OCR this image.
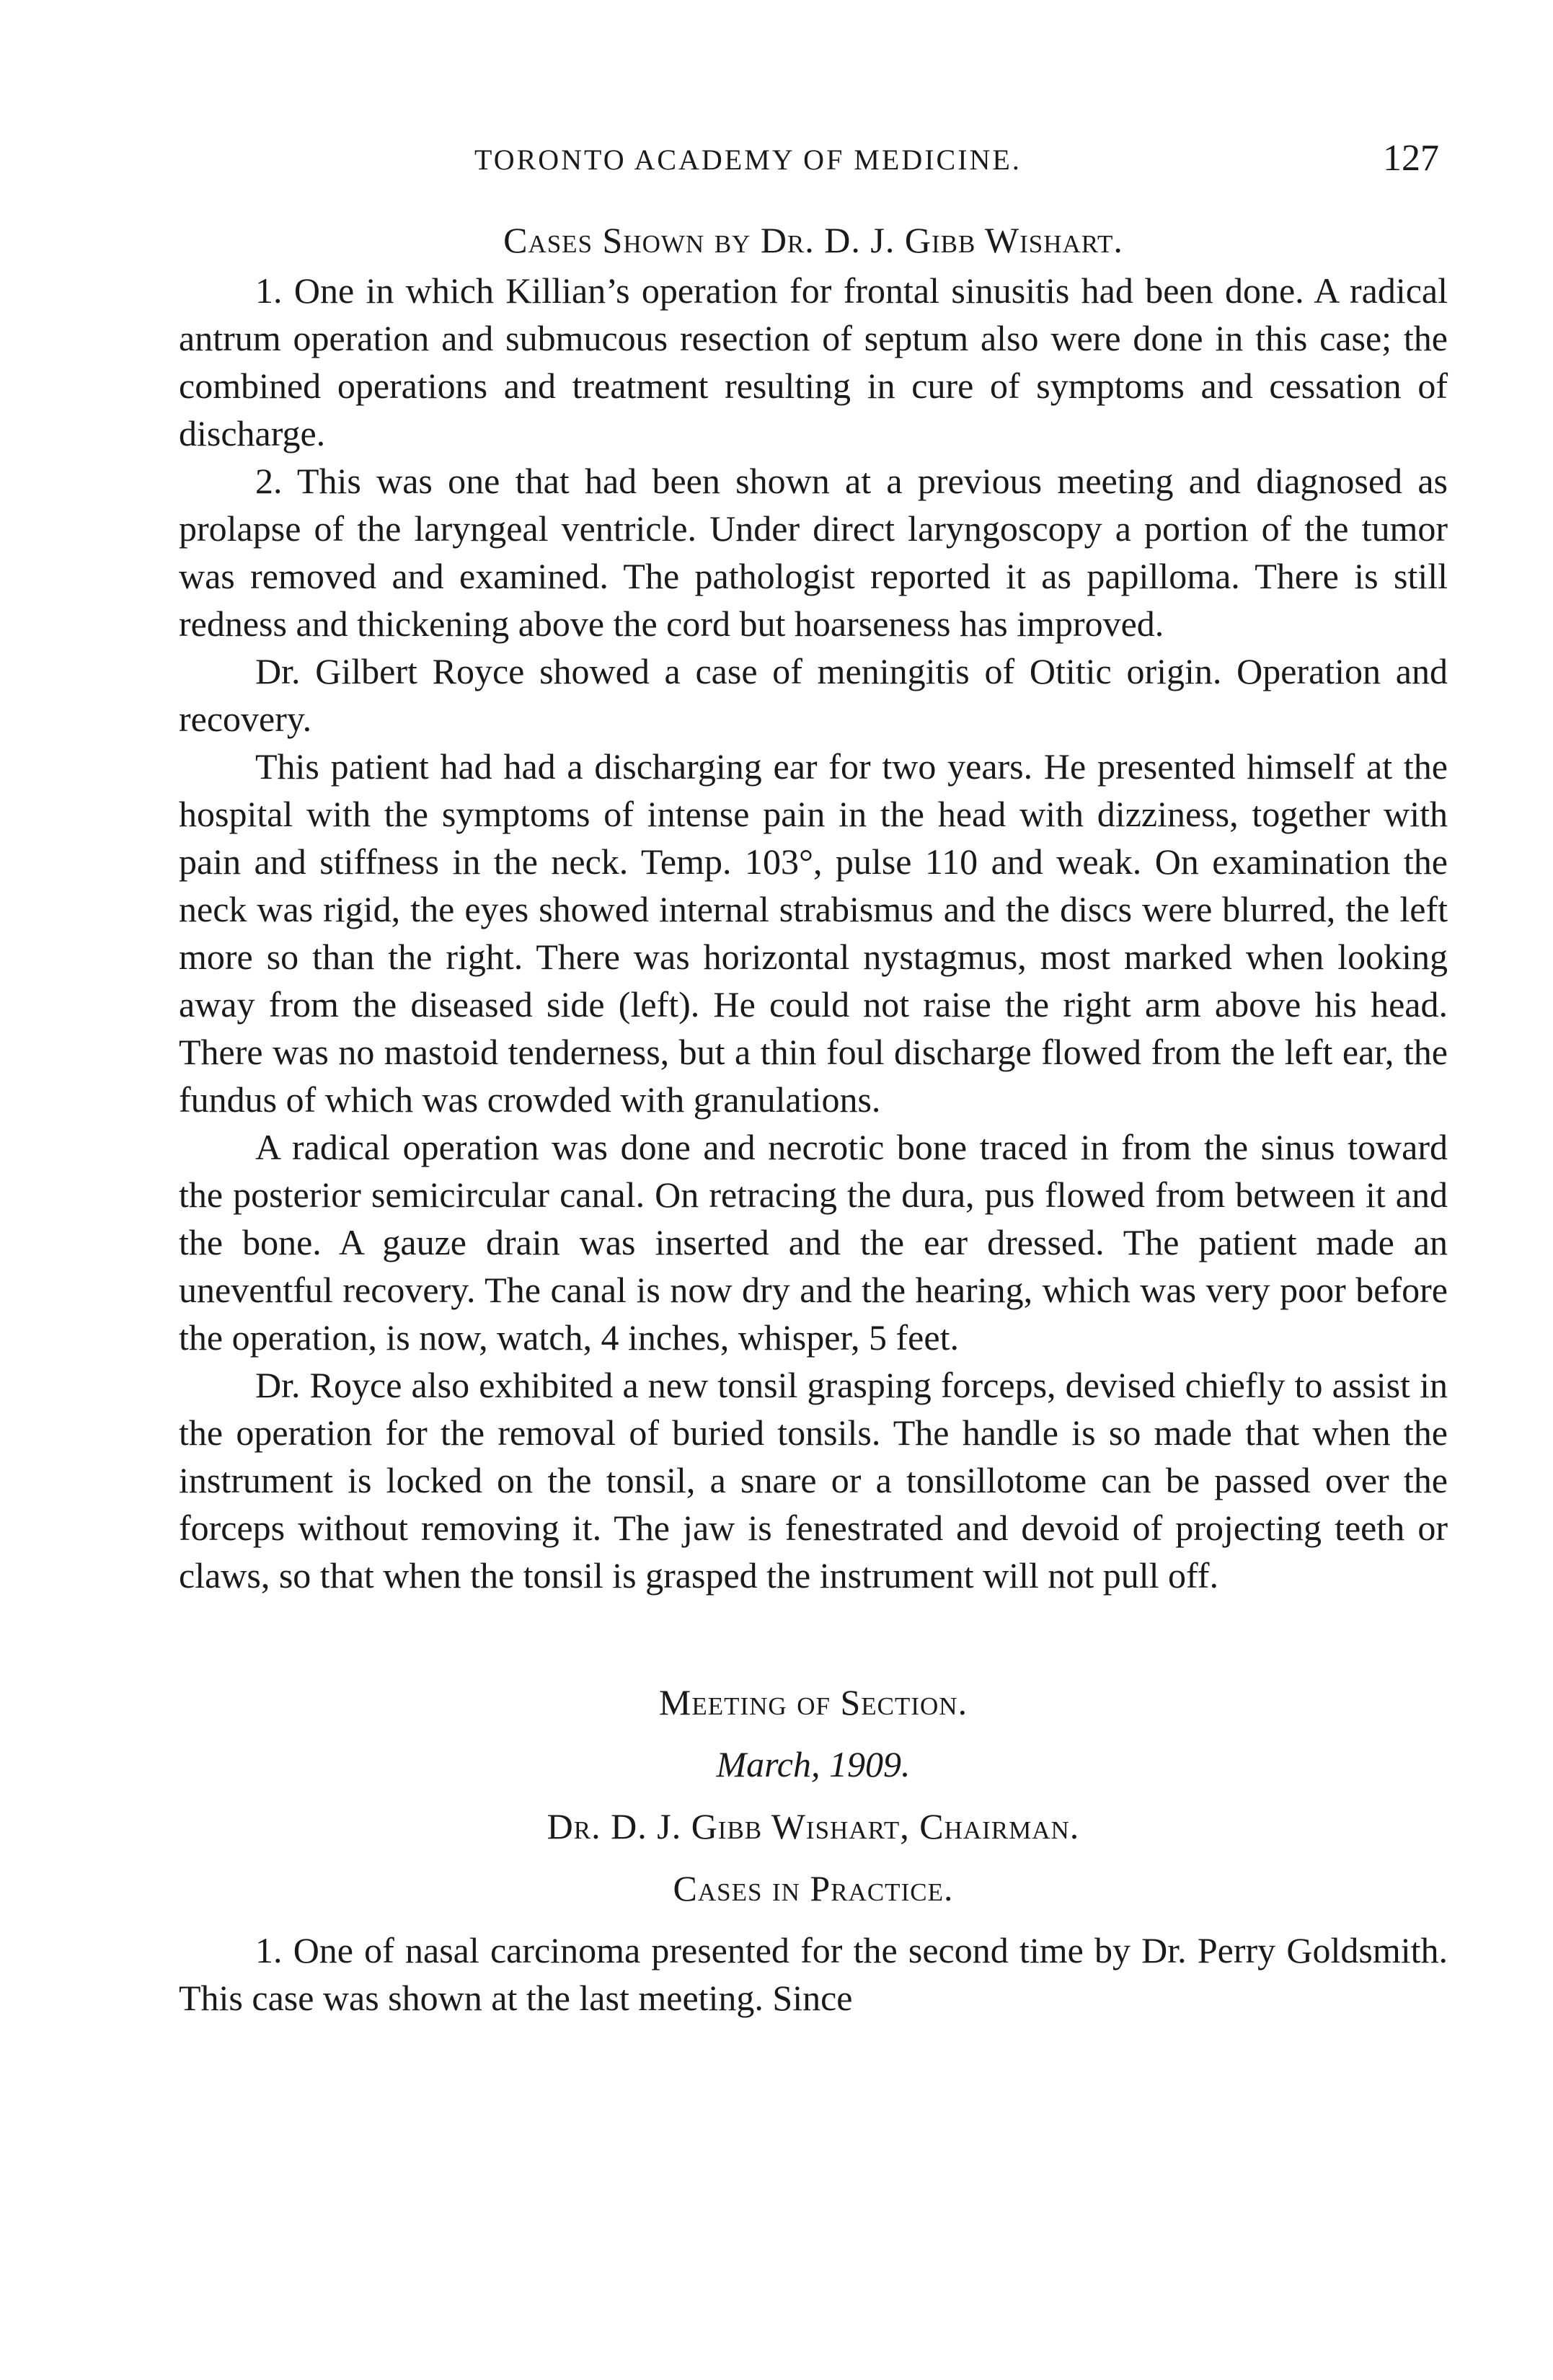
TORONTO ACADEMY OF MEDICINE.	127

Cases Shown by Dr. D. J. Gibb Wishart.

1. One in which Killian’s operation for frontal sinusitis had been done. A radical antrum operation and submucous resection of septum also were done in this case; the combined operations and treatment resulting in cure of symptoms and cessation of discharge.

2. This was one that had been shown at a previous meeting and diagnosed as prolapse of the laryngeal ventricle. Under direct laryngoscopy a portion of the tumor was removed and examined. The pathologist reported it as papilloma. There is still redness and thickening above the cord but hoarseness has improved.

Dr. Gilbert Royce showed a case of meningitis of Otitic origin. Operation and recovery.

This patient had had a discharging ear for two years. He presented himself at the hospital with the symptoms of intense pain in the head with dizziness, together with pain and stiffness in the neck. Temp. 103°, pulse 110 and weak. On examination the neck was rigid, the eyes showed internal strabismus and the discs were blurred, the left more so than the right. There was horizontal nystagmus, most marked when looking away from the diseased side (left). He could not raise the right arm above his head. There was no mastoid tenderness, but a thin foul discharge flowed from the left ear, the fundus of which was crowded with granulations.

A radical operation was done and necrotic bone traced in from the sinus toward the posterior semicircular canal. On retracing the dura, pus flowed from between it and the bone. A gauze drain was inserted and the ear dressed. The patient made an uneventful recovery. The canal is now dry and the hearing, which was very poor before the operation, is now, watch, 4 inches, whisper, 5 feet.

Dr. Royce also exhibited a new tonsil grasping forceps, devised chiefly to assist in the operation for the removal of buried tonsils. The handle is so made that when the instrument is locked on the tonsil, a snare or a tonsillotome can be passed over the forceps without removing it. The jaw is fenestrated and devoid of projecting teeth or claws, so that when the tonsil is grasped the instrument will not pull off.

Meeting of Section.

March, 1909.

Dr. D. J. Gibb Wishart, Chairman.

Cases in Practice.

1. One of nasal carcinoma presented for the second time by Dr. Perry Goldsmith. This case was shown at the last meeting. Since
